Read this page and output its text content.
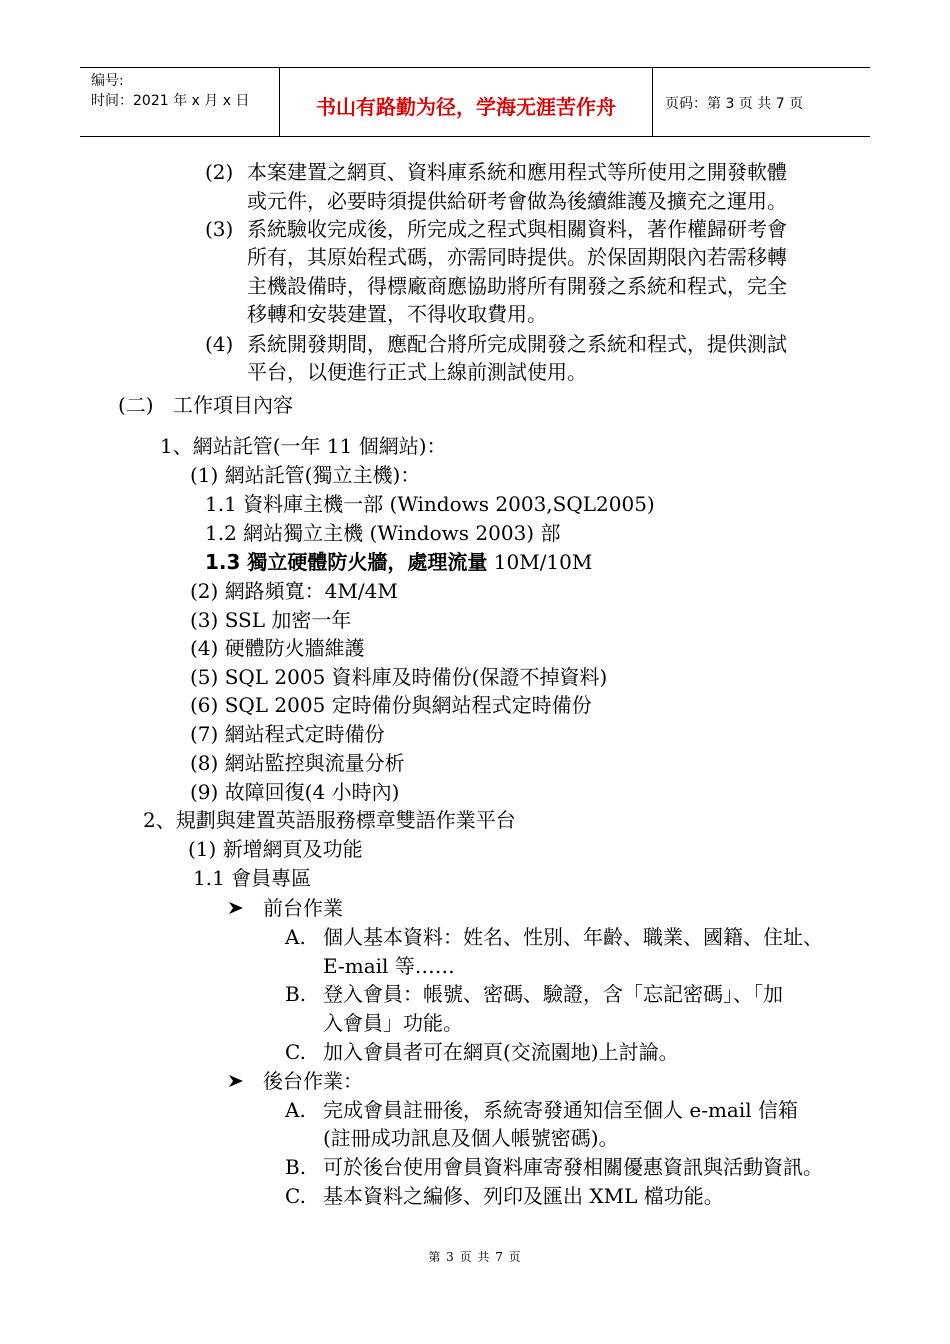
编号:
时间：2021 年 x 月 x 日	书山有路勤为径，学海无涯苦作舟	页码：第 3 页 共 7 页
(2) 本案建置之網頁、資料庫系統和應用程式等所使用之開發軟體
或元件，必要時須提供給研考會做為後續維護及擴充之運用。
(3) 系統驗收完成後，所完成之程式與相關資料，著作權歸研考會
所有，其原始程式碼，亦需同時提供。於保固期限內若需移轉
主機設備時，得標廠商應協助將所有開發之系統和程式，完全
移轉和安裝建置，不得收取費用。
(4) 系統開發期間，應配合將所完成開發之系統和程式，提供測試
平台，以便進行正式上線前測試使用。
(二) 工作項目內容
1、網站託管(一年 11 個網站)：
(1) 網站託管(獨立主機)：
1.1 資料庫主機一部 (Windows 2003,SQL2005)
1.2 網站獨立主機 (Windows 2003) 部
1.3 獨立硬體防火牆，處理流量 10M/10M
(2) 網路頻寬：4M/4M
(3) SSL 加密一年
(4) 硬體防火牆維護
(5) SQL 2005 資料庫及時備份(保證不掉資料)
(6) SQL 2005 定時備份與網站程式定時備份
(7) 網站程式定時備份
(8) 網站監控與流量分析
(9) 故障回復(4 小時內)
2、規劃與建置英語服務標章雙語作業平台
(1) 新增網頁及功能
1.1 會員專區
前台作業
A. 個人基本資料：姓名、性別、年齡、職業、國籍、住址、
E-mail 等……
B. 登入會員：帳號、密碼、驗證，含「忘記密碼」、「加
入會員」功能。
C. 加入會員者可在網頁(交流園地)上討論。
後台作業：
A. 完成會員註冊後，系統寄發通知信至個人 e-mail 信箱
(註冊成功訊息及個人帳號密碼)。
B. 可於後台使用會員資料庫寄發相關優惠資訊與活動資訊。
C. 基本資料之編修、列印及匯出 XML 檔功能。
第 3 页 共 7 页
